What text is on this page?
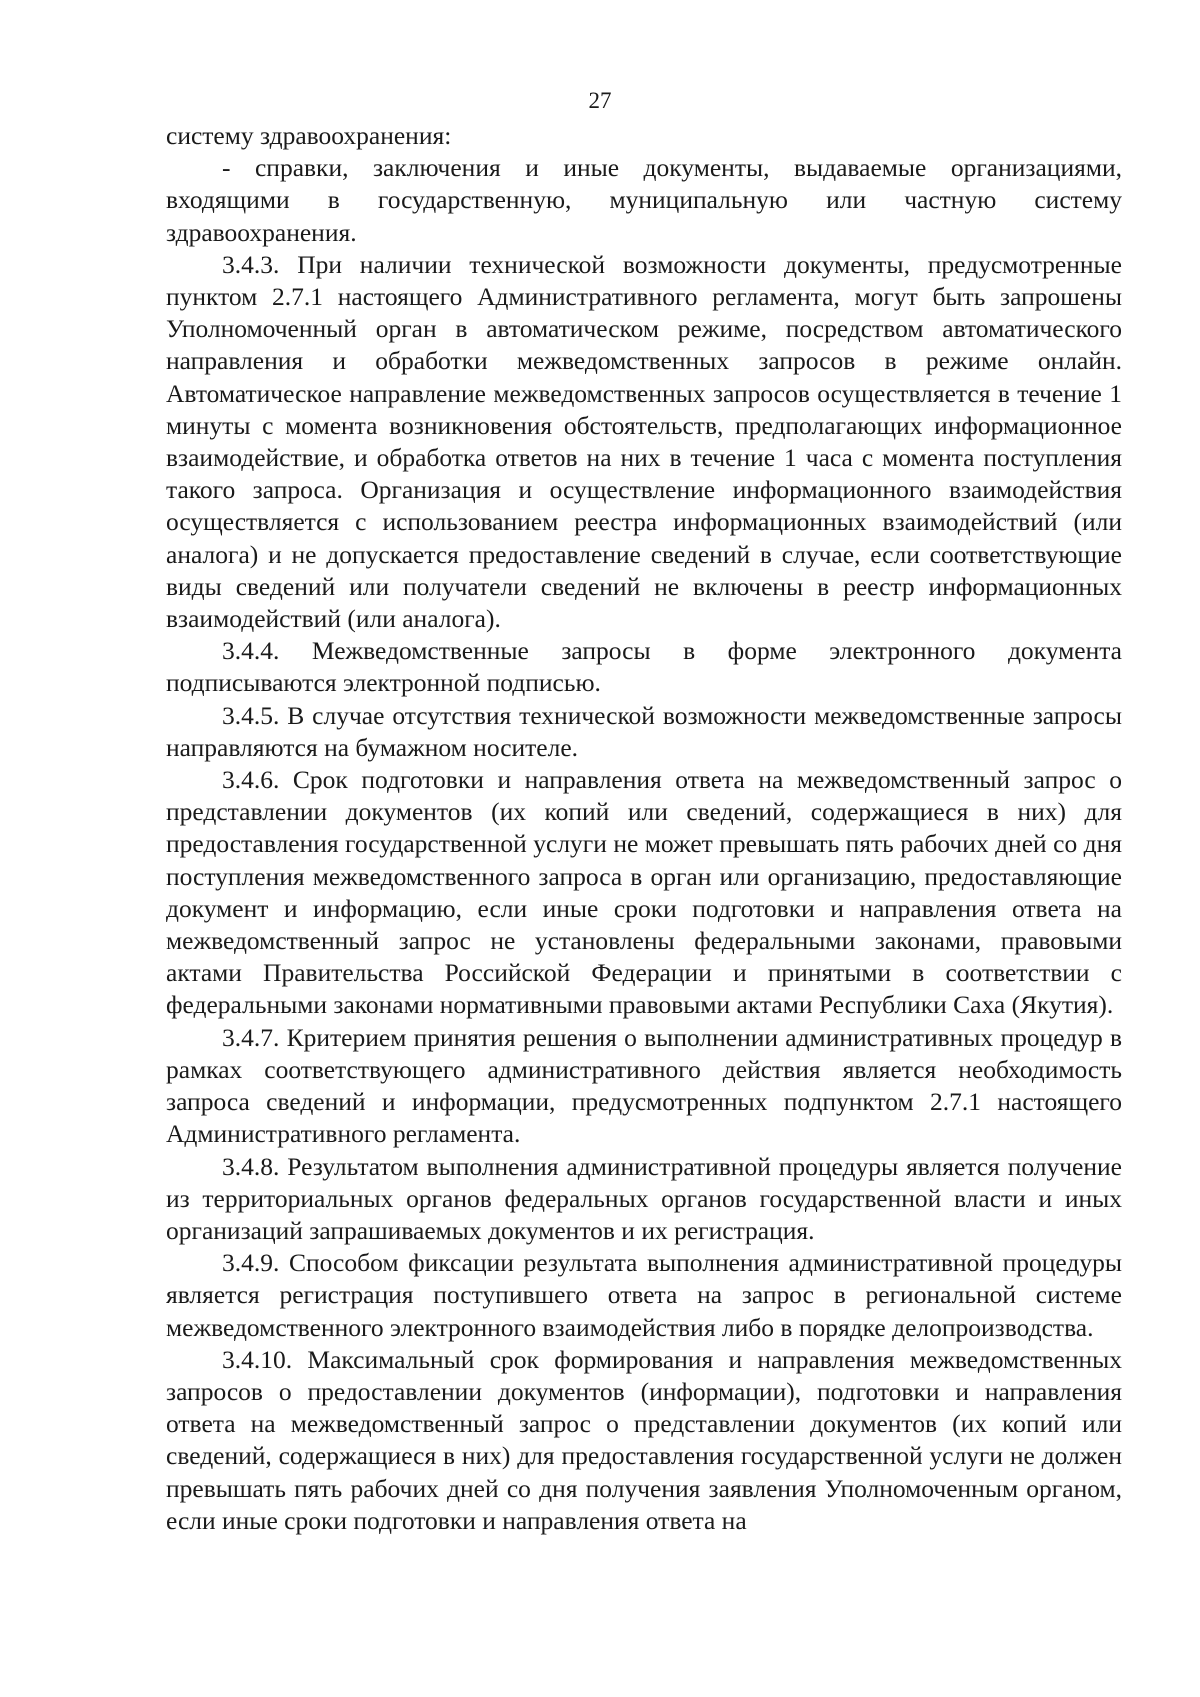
27

систему здравоохранения:

- справки, заключения и иные документы, выдаваемые организациями, входящими в государственную, муниципальную или частную систему здравоохранения.

3.4.3. При наличии технической возможности документы, предусмотренные пунктом 2.7.1 настоящего Административного регламента, могут быть запрошены Уполномоченный орган в автоматическом режиме, посредством автоматического направления и обработки межведомственных запросов в режиме онлайн. Автоматическое направление межведомственных запросов осуществляется в течение 1 минуты с момента возникновения обстоятельств, предполагающих информационное взаимодействие, и обработка ответов на них в течение 1 часа с момента поступления такого запроса. Организация и осуществление информационного взаимодействия осуществляется с использованием реестра информационных взаимодействий (или аналога) и не допускается предоставление сведений в случае, если соответствующие виды сведений или получатели сведений не включены в реестр информационных взаимодействий (или аналога).

3.4.4. Межведомственные запросы в форме электронного документа подписываются электронной подписью.

3.4.5. В случае отсутствия технической возможности межведомственные запросы направляются на бумажном носителе.

3.4.6. Срок подготовки и направления ответа на межведомственный запрос о представлении документов (их копий или сведений, содержащиеся в них) для предоставления государственной услуги не может превышать пять рабочих дней со дня поступления межведомственного запроса в орган или организацию, предоставляющие документ и информацию, если иные сроки подготовки и направления ответа на межведомственный запрос не установлены федеральными законами, правовыми актами Правительства Российской Федерации и принятыми в соответствии с федеральными законами нормативными правовыми актами Республики Саха (Якутия).

3.4.7. Критерием принятия решения о выполнении административных процедур в рамках соответствующего административного действия является необходимость запроса сведений и информации, предусмотренных подпунктом 2.7.1 настоящего Административного регламента.

3.4.8. Результатом выполнения административной процедуры является получение из территориальных органов федеральных органов государственной власти и иных организаций запрашиваемых документов и их регистрация.

3.4.9. Способом фиксации результата выполнения административной процедуры является регистрация поступившего ответа на запрос в региональной системе межведомственного электронного взаимодействия либо в порядке делопроизводства.

3.4.10. Максимальный срок формирования и направления межведомственных запросов о предоставлении документов (информации), подготовки и направления ответа на межведомственный запрос о представлении документов (их копий или сведений, содержащиеся в них) для предоставления государственной услуги не должен превышать пять рабочих дней со дня получения заявления Уполномоченным органом, если иные сроки подготовки и направления ответа на
